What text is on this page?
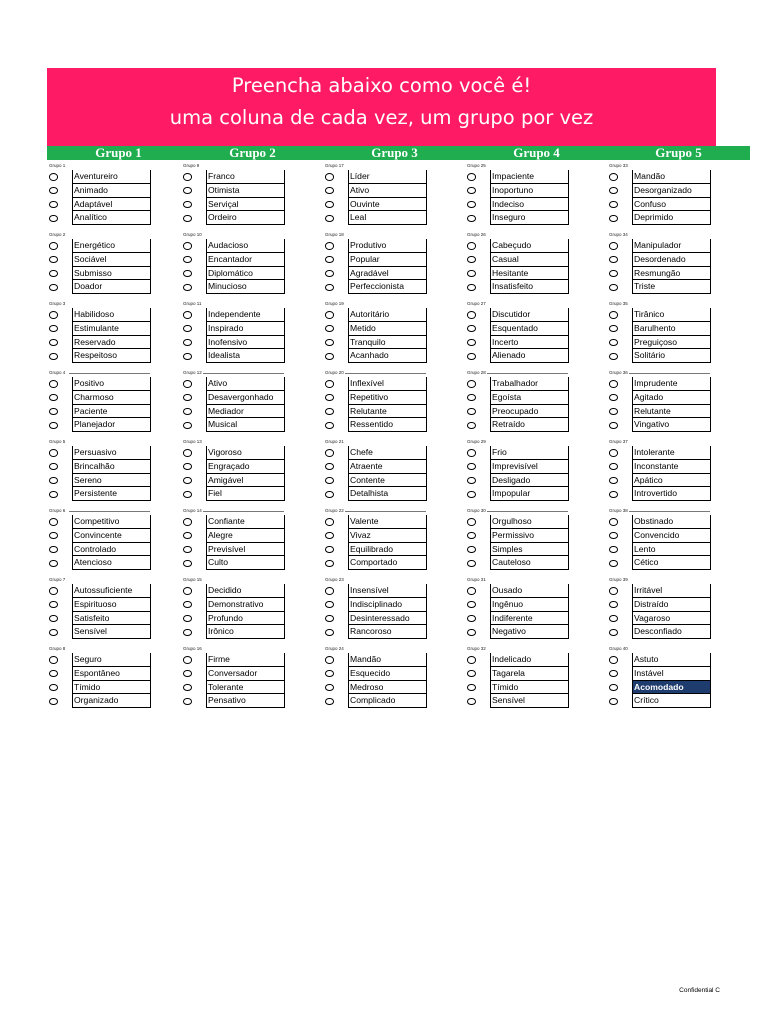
Preencha abaixo como você é!
uma coluna de cada vez, um grupo por vez
Grupo 1
Grupo 1
Aventureiro
Animado
Adaptável
Analítico
Grupo 2
Energético
Sociável
Submisso
Doador
Grupo 3
Habilidoso
Estimulante
Reservado
Respeitoso
Grupo 4
Positivo
Charmoso
Paciente
Planejador
Grupo 5
Persuasivo
Brincalhão
Sereno
Persistente
Grupo 6
Competitivo
Convincente
Controlado
Atencioso
Grupo 7
Autossuficiente
Espirituoso
Satisfeito
Sensível
Grupo 8
Seguro
Espontâneo
Tímido
Organizado
Grupo 2
Grupo 9
Franco
Otimista
Serviçal
Ordeiro
Grupo 10
Audacioso
Encantador
Diplomático
Minucioso
Grupo 11
Independente
Inspirado
Inofensivo
Idealista
Grupo 12
Ativo
Desavergonhado
Mediador
Musical
Grupo 13
Vigoroso
Engraçado
Amigável
Fiel
Grupo 14
Confiante
Alegre
Previsível
Culto
Grupo 15
Decidido
Demonstrativo
Profundo
Irônico
Grupo 16
Firme
Conversador
Tolerante
Pensativo
Grupo 3
Grupo 17
Líder
Ativo
Ouvinte
Leal
Grupo 18
Produtivo
Popular
Agradável
Perfeccionista
Grupo 19
Autoritário
Metido
Tranquilo
Acanhado
Grupo 20
Inflexível
Repetitivo
Relutante
Ressentido
Grupo 21
Chefe
Atraente
Contente
Detalhista
Grupo 22
Valente
Vivaz
Equilibrado
Comportado
Grupo 23
Insensível
Indisciplinado
Desinteressado
Rancoroso
Grupo 24
Mandão
Esquecido
Medroso
Complicado
Grupo 4
Grupo 25
Impaciente
Inoportuno
Indeciso
Inseguro
Grupo 26
Cabeçudo
Casual
Hesitante
Insatisfeito
Grupo 27
Discutidor
Esquentado
Incerto
Alienado
Grupo 28
Trabalhador
Egoísta
Preocupado
Retraído
Grupo 29
Frio
Imprevisível
Desligado
Impopular
Grupo 30
Orgulhoso
Permissivo
Simples
Cauteloso
Grupo 31
Ousado
Ingênuo
Indiferente
Negativo
Grupo 32
Indelicado
Tagarela
Tímido
Sensível
Grupo 5
Grupo 33
Mandão
Desorganizado
Confuso
Deprimido
Grupo 34
Manipulador
Desordenado
Resmungão
Triste
Grupo 35
Tirânico
Barulhento
Preguiçoso
Solitário
Grupo 36
Imprudente
Agitado
Relutante
Vingativo
Grupo 37
Intolerante
Inconstante
Apático
Introvertido
Grupo 38
Obstinado
Convencido
Lento
Cético
Grupo 39
Irritável
Distraído
Vagaroso
Desconfiado
Grupo 40
Astuto
Instável
Acomodado
Crítico
Confidential C
